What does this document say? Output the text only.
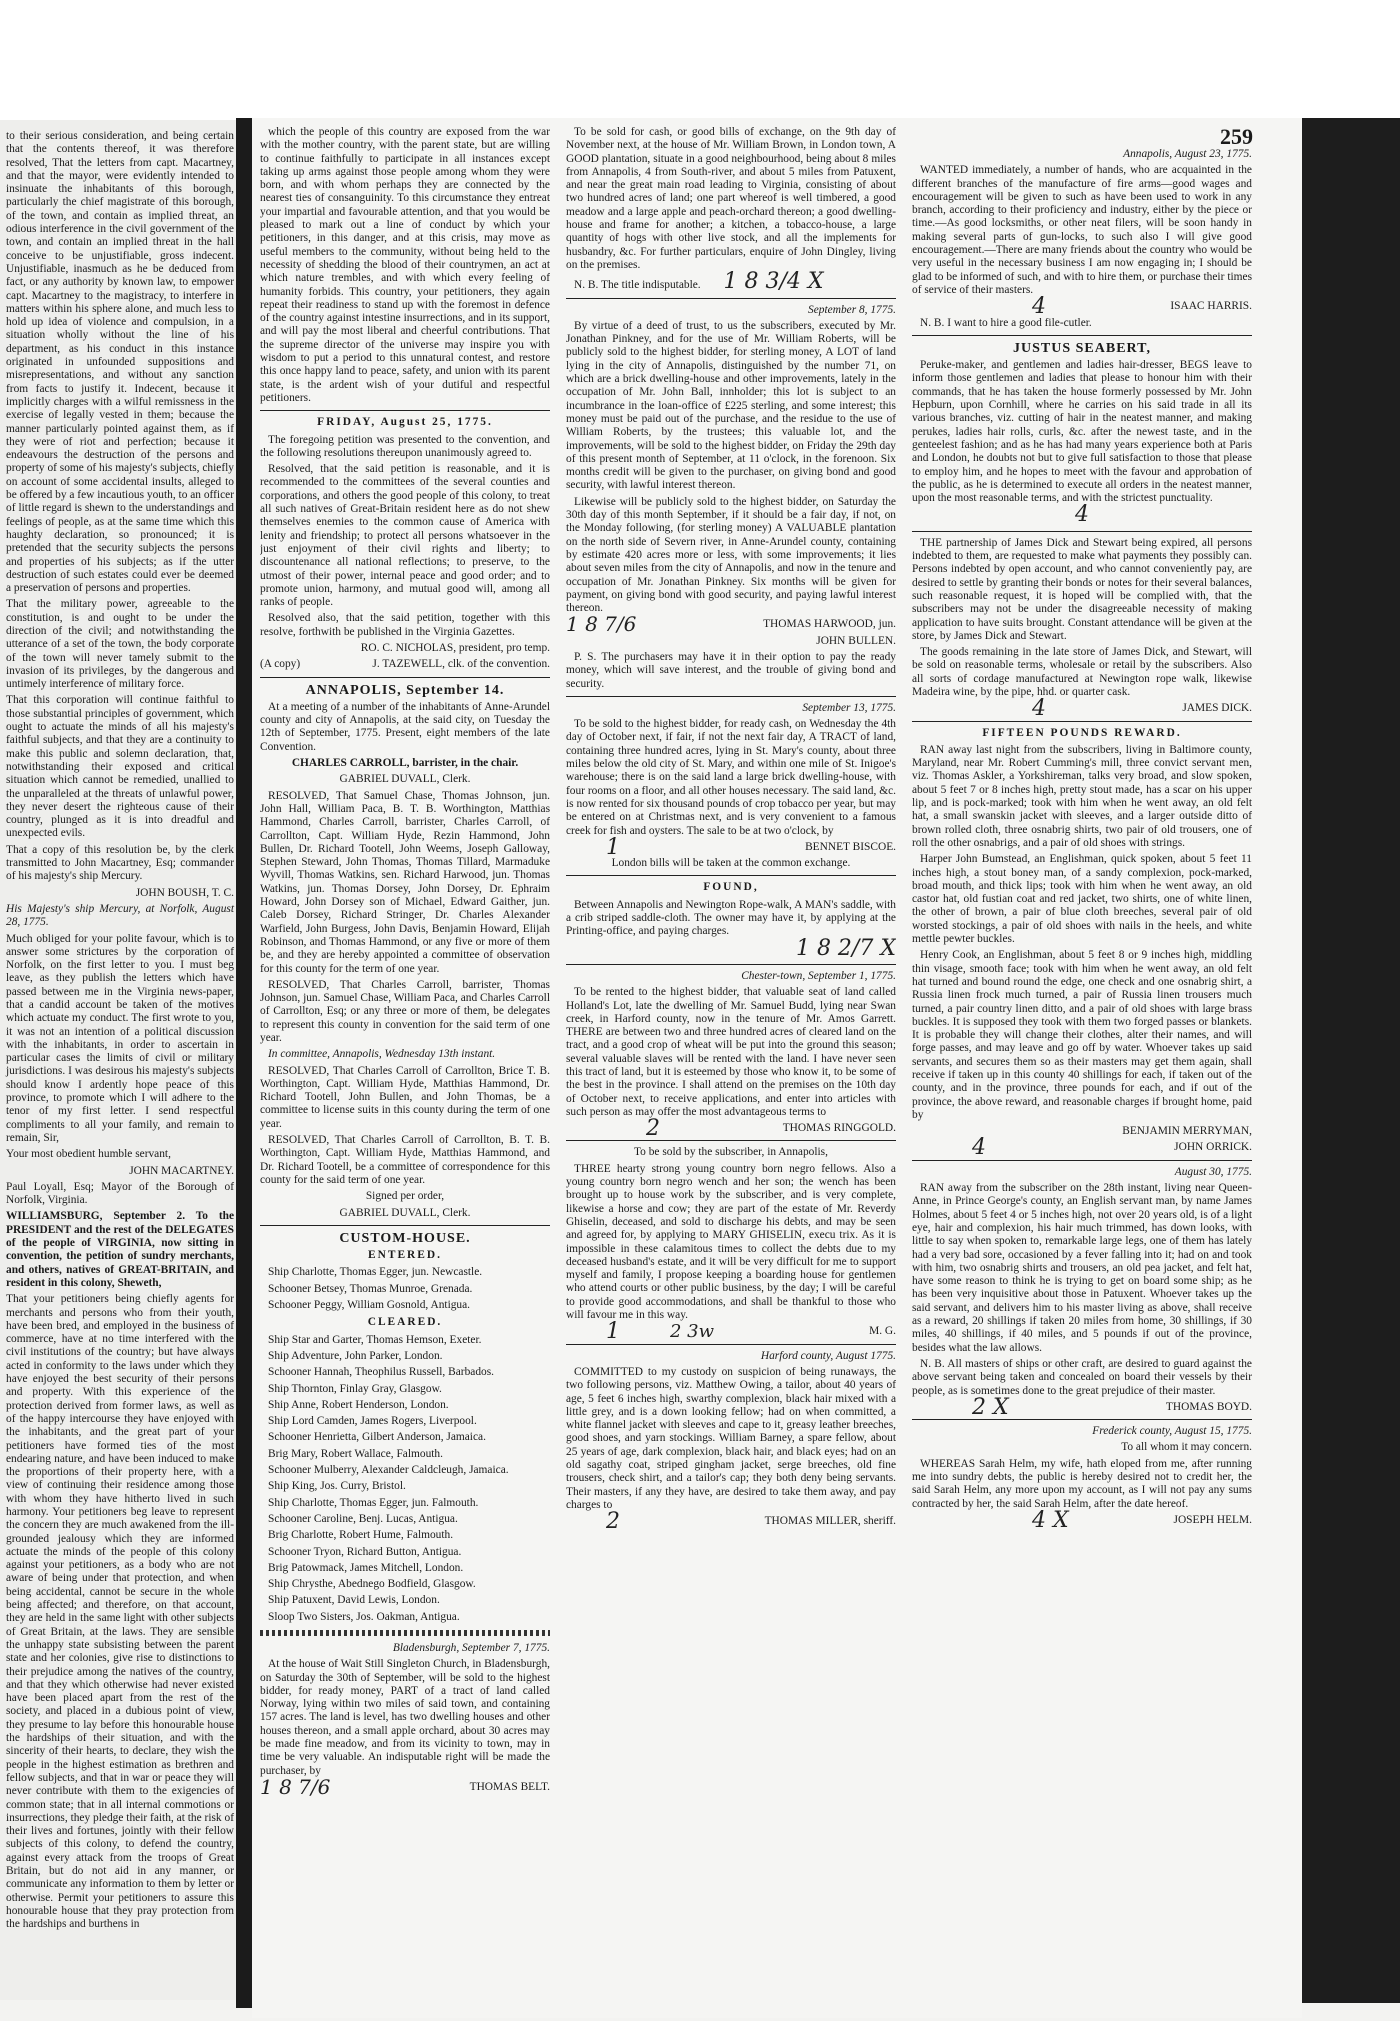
to their serious consideration, and being certain that the contents thereof, it was therefore resolved, That the letters from capt. Macartney, and that the mayor, were evidently intended to insinuate the inhabitants of this borough, particularly the chief magistrate of this borough, of the town, and contain as implied threat, an odious interference in the civil government of the town, and contain an implied threat in the hall conceive to be unjustifiable, gross indecent. Unjustifiable, inasmuch as he be deduced from fact, or any authority by known law, to empower capt. Macartney to the magistracy, to interfere in matters within his sphere alone, and much less to hold up idea of violence and compulsion, in a situation wholly without the line of his department, as his conduct in this instance originated in unfounded suppositions and misrepresentations, and without any sanction from facts to justify it. Indecent, because it implicitly charges with a wilful remissness in the exercise of legally vested in them; because the manner particularly pointed against them, as if they were of riot and perfection; because it endeavours the destruction of the persons and property of some of his majesty's subjects, chiefly on account of some accidental insults, alleged to be offered by a few incautious youth, to an officer of little regard is shewn to the understandings and feelings of people, as at the same time which this haughty declaration, so pronounced; it is pretended that the security subjects the persons and properties of his subjects; as if the utter destruction of such estates could ever be deemed a preservation of persons and properties.

That the military power, agreeable to the constitution, is and ought to be under the direction of the civil; and notwithstanding the utterance of a set of the town, the body corporate of the town will never tamely submit to the invasion of its privileges, by the dangerous and untimely interference of military force.

That this corporation will continue faithful to those substantial principles of government, which ought to actuate the minds of all his majesty's faithful subjects, and that they are a continuity to make this public and solemn declaration, that, notwithstanding their exposed and critical situation which cannot be remedied, unallied to the unparalleled at the threats of unlawful power, they never desert the righteous cause of their country, plunged as it is into dreadful and unexpected evils.

That a copy of this resolution be, by the clerk transmitted to John Macartney, Esq; commander of his majesty's ship Mercury.

JOHN BOUSH, T. C.

His Majesty's ship Mercury, at Norfolk, August 28, 1775.

Much obliged for your polite favour, which is to answer some strictures by the corporation of Norfolk, on the first letter to you. I must beg leave, as they publish the letters which have passed between me in the Virginia news-paper, that a candid account be taken of the motives which actuate my conduct. The first wrote to you, it was not an intention of a political discussion with the inhabitants, in order to ascertain in particular cases the limits of civil or military jurisdictions. I was desirous his majesty's subjects should know I ardently hope peace of this province, to promote which I will adhere to the tenor of my first letter. I send respectful compliments to all your family, and remain to remain, Sir,

Your most obedient humble servant,

JOHN MACARTNEY.

Paul Loyall, Esq; Mayor of the Borough of Norfolk, Virginia.

WILLIAMSBURG, September 2. To the PRESIDENT and the rest of the DELEGATES of the people of VIRGINIA, now sitting in convention, the petition of sundry merchants, and others, natives of GREAT-BRITAIN, and resident in this colony, Sheweth,

That your petitioners being chiefly agents for merchants and persons who from their youth, have been bred, and employed in the business of commerce, have at no time interfered with the civil institutions of the country; but have always acted in conformity to the laws under which they have enjoyed the best security of their persons and property. With this experience of the protection derived from former laws, as well as of the happy intercourse they have enjoyed with the inhabitants, and the great part of your petitioners have formed ties of the most endearing nature, and have been induced to make the proportions of their property here, with a view of continuing their residence among those with whom they have hitherto lived in such harmony. Your petitioners beg leave to represent the concern they are much awakened from the ill-grounded jealousy which they are informed actuate the minds of the people of this colony against your petitioners, as a body who are not aware of being under that protection, and when being accidental, cannot be secure in the whole being affected; and therefore, on that account, they are held in the same light with other subjects of Great Britain, at the laws. They are sensible the unhappy state subsisting between the parent state and her colonies, give rise to distinctions to their prejudice among the natives of the country, and that they which otherwise had never existed have been placed apart from the rest of the society, and placed in a dubious point of view, they presume to lay before this honourable house the hardships of their situation, and with the sincerity of their hearts, to declare, they wish the people in the highest estimation as brethren and fellow subjects, and that in war or peace they will never contribute with them to the exigencies of common state; that in all internal commotions or insurrections, they pledge their faith, at the risk of their lives and fortunes, jointly with their fellow subjects of this colony, to defend the country, against every attack from the troops of Great Britain, but do not aid in any manner, or communicate any information to them by letter or otherwise. Permit your petitioners to assure this honourable house that they pray protection from the hardships and burthens in

259

which the people of this country are exposed from the war with the mother country, with the parent state, but are willing to continue faithfully to participate in all instances except taking up arms against those people among whom they were born, and with whom perhaps they are connected by the nearest ties of consanguinity. To this circumstance they entreat your impartial and favourable attention, and that you would be pleased to mark out a line of conduct by which your petitioners, in this danger, and at this crisis, may move as useful members to the community, without being held to the necessity of shedding the blood of their countrymen, an act at which nature trembles, and with which every feeling of humanity forbids. This country, your petitioners, they again repeat their readiness to stand up with the foremost in defence of the country against intestine insurrections, and in its support, and will pay the most liberal and cheerful contributions. That the supreme director of the universe may inspire you with wisdom to put a period to this unnatural contest, and restore this once happy land to peace, safety, and union with its parent state, is the ardent wish of your dutiful and respectful petitioners.

FRIDAY, August 25, 1775.

The foregoing petition was presented to the convention, and the following resolutions thereupon unanimously agreed to.

Resolved, that the said petition is reasonable, and it is recommended to the committees of the several counties and corporations, and others the good people of this colony, to treat all such natives of Great-Britain resident here as do not shew themselves enemies to the common cause of America with lenity and friendship; to protect all persons whatsoever in the just enjoyment of their civil rights and liberty; to discountenance all national reflections; to preserve, to the utmost of their power, internal peace and good order; and to promote union, harmony, and mutual good will, among all ranks of people.

Resolved also, that the said petition, together with this resolve, forthwith be published in the Virginia Gazettes.

RO. C. NICHOLAS, president, pro temp.

(A copy)	J. TAZEWELL, clk. of the convention.

ANNAPOLIS, September 14.

At a meeting of a number of the inhabitants of Anne-Arundel county and city of Annapolis, at the said city, on Tuesday the 12th of September, 1775. Present, eight members of the late Convention.

CHARLES CARROLL, barrister, in the chair.

GABRIEL DUVALL, Clerk.

RESOLVED, That Samuel Chase, Thomas Johnson, jun. John Hall, William Paca, B. T. B. Worthington, Matthias Hammond, Charles Carroll, barrister, Charles Carroll, of Carrollton, Capt. William Hyde, Rezin Hammond, John Bullen, Dr. Richard Tootell, John Weems, Joseph Galloway, Stephen Steward, John Thomas, Thomas Tillard, Marmaduke Wyvill, Thomas Watkins, sen. Richard Harwood, jun. Thomas Watkins, jun. Thomas Dorsey, John Dorsey, Dr. Ephraim Howard, John Dorsey son of Michael, Edward Gaither, jun. Caleb Dorsey, Richard Stringer, Dr. Charles Alexander Warfield, John Burgess, John Davis, Benjamin Howard, Elijah Robinson, and Thomas Hammond, or any five or more of them be, and they are hereby appointed a committee of observation for this county for the term of one year.

RESOLVED, That Charles Carroll, barrister, Thomas Johnson, jun. Samuel Chase, William Paca, and Charles Carroll of Carrollton, Esq; or any three or more of them, be delegates to represent this county in convention for the said term of one year.

In committee, Annapolis, Wednesday 13th instant.

RESOLVED, That Charles Carroll of Carrollton, Brice T. B. Worthington, Capt. William Hyde, Matthias Hammond, Dr. Richard Tootell, John Bullen, and John Thomas, be a committee to license suits in this county during the term of one year.

RESOLVED, That Charles Carroll of Carrollton, B. T. B. Worthington, Capt. William Hyde, Matthias Hammond, and Dr. Richard Tootell, be a committee of correspondence for this county for the said term of one year.

Signed per order,

GABRIEL DUVALL, Clerk.

CUSTOM-HOUSE.

ENTERED.

Ship Charlotte, Thomas Egger, jun. Newcastle.

Schooner Betsey, Thomas Munroe, Grenada.

Schooner Peggy, William Gosnold, Antigua.

CLEARED.

Ship Star and Garter, Thomas Hemson, Exeter.

Ship Adventure, John Parker, London.

Schooner Hannah, Theophilus Russell, Barbados.

Ship Thornton, Finlay Gray, Glasgow.

Ship Anne, Robert Henderson, London.

Ship Lord Camden, James Rogers, Liverpool.

Schooner Henrietta, Gilbert Anderson, Jamaica.

Brig Mary, Robert Wallace, Falmouth.

Schooner Mulberry, Alexander Caldcleugh, Jamaica.

Ship King, Jos. Curry, Bristol.

Ship Charlotte, Thomas Egger, jun. Falmouth.

Schooner Caroline, Benj. Lucas, Antigua.

Brig Charlotte, Robert Hume, Falmouth.

Schooner Tryon, Richard Button, Antigua.

Brig Patowmack, James Mitchell, London.

Ship Chrysthe, Abednego Bodfield, Glasgow.

Ship Patuxent, David Lewis, London.

Sloop Two Sisters, Jos. Oakman, Antigua.

Bladensburgh, September 7, 1775.

At the house of Wait Still Singleton Church, in Bladensburgh, on Saturday the 30th of September, will be sold to the highest bidder, for ready money, PART of a tract of land called Norway, lying within two miles of said town, and containing 157 acres. The land is level, has two dwelling houses and other houses thereon, and a small apple orchard, about 30 acres may be made fine meadow, and from its vicinity to town, may in time be very valuable. An indisputable right will be made the purchaser, by

1 8 7/6	THOMAS BELT.

To be sold for cash, or good bills of exchange, on the 9th day of November next, at the house of Mr. William Brown, in London town, A GOOD plantation, situate in a good neighbourhood, being about 8 miles from Annapolis, 4 from South-river, and about 5 miles from Patuxent, and near the great main road leading to Virginia, consisting of about two hundred acres of land; one part whereof is well timbered, a good meadow and a large apple and peach-orchard thereon; a good dwelling-house and frame for another; a kitchen, a tobacco-house, a large quantity of hogs with other live stock, and all the implements for husbandry, &c. For further particulars, enquire of John Dingley, living on the premises.

N. B. The title indisputable. 1 8 3/4 X

September 8, 1775.

By virtue of a deed of trust, to us the subscribers, executed by Mr. Jonathan Pinkney, and for the use of Mr. William Roberts, will be publicly sold to the highest bidder, for sterling money, A LOT of land lying in the city of Annapolis, distinguished by the number 71, on which are a brick dwelling-house and other improvements, lately in the occupation of Mr. John Ball, innholder; this lot is subject to an incumbrance in the loan-office of £225 sterling, and some interest; this money must be paid out of the purchase, and the residue to the use of William Roberts, by the trustees; this valuable lot, and the improvements, will be sold to the highest bidder, on Friday the 29th day of this present month of September, at 11 o'clock, in the forenoon. Six months credit will be given to the purchaser, on giving bond and good security, with lawful interest thereon.

Likewise will be publicly sold to the highest bidder, on Saturday the 30th day of this month September, if it should be a fair day, if not, on the Monday following, (for sterling money) A VALUABLE plantation on the north side of Severn river, in Anne-Arundel county, containing by estimate 420 acres more or less, with some improvements; it lies about seven miles from the city of Annapolis, and now in the tenure and occupation of Mr. Jonathan Pinkney. Six months will be given for payment, on giving bond with good security, and paying lawful interest thereon.

1 8 7/6	THOMAS HARWOOD, jun.

JOHN BULLEN.

P. S. The purchasers may have it in their option to pay the ready money, which will save interest, and the trouble of giving bond and security.

September 13, 1775.

To be sold to the highest bidder, for ready cash, on Wednesday the 4th day of October next, if fair, if not the next fair day, A TRACT of land, containing three hundred acres, lying in St. Mary's county, about three miles below the old city of St. Mary, and within one mile of St. Inigoe's warehouse; there is on the said land a large brick dwelling-house, with four rooms on a floor, and all other houses necessary. The said land, &c. is now rented for six thousand pounds of crop tobacco per year, but may be entered on at Christmas next, and is very convenient to a famous creek for fish and oysters. The sale to be at two o'clock, by

1	BENNET BISCOE.

London bills will be taken at the common exchange.

FOUND,

Between Annapolis and Newington Rope-walk, A MAN's saddle, with a crib striped saddle-cloth. The owner may have it, by applying at the Printing-office, and paying charges.

1 8 2/7 X

Chester-town, September 1, 1775.

To be rented to the highest bidder, that valuable seat of land called Holland's Lot, late the dwelling of Mr. Samuel Budd, lying near Swan creek, in Harford county, now in the tenure of Mr. Amos Garrett. THERE are between two and three hundred acres of cleared land on the tract, and a good crop of wheat will be put into the ground this season; several valuable slaves will be rented with the land. I have never seen this tract of land, but it is esteemed by those who know it, to be some of the best in the province. I shall attend on the premises on the 10th day of October next, to receive applications, and enter into articles with such person as may offer the most advantageous terms to

2	THOMAS RINGGOLD.

To be sold by the subscriber, in Annapolis,

THREE hearty strong young country born negro fellows. Also a young country born negro wench and her son; the wench has been brought up to house work by the subscriber, and is very complete, likewise a horse and cow; they are part of the estate of Mr. Reverdy Ghiselin, deceased, and sold to discharge his debts, and may be seen and agreed for, by applying to MARY GHISELIN, execu trix. As it is impossible in these calamitous times to collect the debts due to my deceased husband's estate, and it will be very difficult for me to support myself and family, I propose keeping a boarding house for gentlemen who attend courts or other public business, by the day; I will be careful to provide good accommodations, and shall be thankful to those who will favour me in this way.

1	2 3w	M. G.

Harford county, August 1775.

COMMITTED to my custody on suspicion of being runaways, the two following persons, viz. Matthew Owing, a tailor, about 40 years of age, 5 feet 6 inches high, swarthy complexion, black hair mixed with a little grey, and is a down looking fellow; had on when committed, a white flannel jacket with sleeves and cape to it, greasy leather breeches, good shoes, and yarn stockings. William Barney, a spare fellow, about 25 years of age, dark complexion, black hair, and black eyes; had on an old sagathy coat, striped gingham jacket, serge breeches, old fine trousers, check shirt, and a tailor's cap; they both deny being servants. Their masters, if any they have, are desired to take them away, and pay charges to

2	THOMAS MILLER, sheriff.

Annapolis, August 23, 1775.

WANTED immediately, a number of hands, who are acquainted in the different branches of the manufacture of fire arms—good wages and encouragement will be given to such as have been used to work in any branch, according to their proficiency and industry, either by the piece or time.—As good locksmiths, or other neat filers, will be soon handy in making several parts of gun-locks, to such also I will give good encouragement.—There are many friends about the country who would be very useful in the necessary business I am now engaging in; I should be glad to be informed of such, and with to hire them, or purchase their times of service of their masters.

4	ISAAC HARRIS.

N. B. I want to hire a good file-cutler.

JUSTUS SEABERT,

Peruke-maker, and gentlemen and ladies hair-dresser, BEGS leave to inform those gentlemen and ladies that please to honour him with their commands, that he has taken the house formerly possessed by Mr. John Hepburn, upon Cornhill, where he carries on his said trade in all its various branches, viz. cutting of hair in the neatest manner, and making perukes, ladies hair rolls, curls, &c. after the newest taste, and in the genteelest fashion; and as he has had many years experience both at Paris and London, he doubts not but to give full satisfaction to those that please to employ him, and he hopes to meet with the favour and approbation of the public, as he is determined to execute all orders in the neatest manner, upon the most reasonable terms, and with the strictest punctuality.

4

THE partnership of James Dick and Stewart being expired, all persons indebted to them, are requested to make what payments they possibly can. Persons indebted by open account, and who cannot conveniently pay, are desired to settle by granting their bonds or notes for their several balances, such reasonable request, it is hoped will be complied with, that the subscribers may not be under the disagreeable necessity of making application to have suits brought. Constant attendance will be given at the store, by James Dick and Stewart.

The goods remaining in the late store of James Dick, and Stewart, will be sold on reasonable terms, wholesale or retail by the subscribers. Also all sorts of cordage manufactured at Newington rope walk, likewise Madeira wine, by the pipe, hhd. or quarter cask.

4	JAMES DICK.

FIFTEEN POUNDS REWARD.

RAN away last night from the subscribers, living in Baltimore county, Maryland, near Mr. Robert Cumming's mill, three convict servant men, viz. Thomas Askler, a Yorkshireman, talks very broad, and slow spoken, about 5 feet 7 or 8 inches high, pretty stout made, has a scar on his upper lip, and is pock-marked; took with him when he went away, an old felt hat, a small swanskin jacket with sleeves, and a larger outside ditto of brown rolled cloth, three osnabrig shirts, two pair of old trousers, one of roll the other osnabrigs, and a pair of old shoes with strings.

Harper John Bumstead, an Englishman, quick spoken, about 5 feet 11 inches high, a stout boney man, of a sandy complexion, pock-marked, broad mouth, and thick lips; took with him when he went away, an old castor hat, old fustian coat and red jacket, two shirts, one of white linen, the other of brown, a pair of blue cloth breeches, several pair of old worsted stockings, a pair of old shoes with nails in the heels, and white mettle pewter buckles.

Henry Cook, an Englishman, about 5 feet 8 or 9 inches high, middling thin visage, smooth face; took with him when he went away, an old felt hat turned and bound round the edge, one check and one osnabrig shirt, a Russia linen frock much turned, a pair of Russia linen trousers much turned, a pair country linen ditto, and a pair of old shoes with large brass buckles. It is supposed they took with them two forged passes or blankets. It is probable they will change their clothes, alter their names, and will forge passes, and may leave and go off by water. Whoever takes up said servants, and secures them so as their masters may get them again, shall receive if taken up in this county 40 shillings for each, if taken out of the county, and in the province, three pounds for each, and if out of the province, the above reward, and reasonable charges if brought home, paid by

BENJAMIN MERRYMAN,

4	JOHN ORRICK.

August 30, 1775.

RAN away from the subscriber on the 28th instant, living near Queen-Anne, in Prince George's county, an English servant man, by name James Holmes, about 5 feet 4 or 5 inches high, not over 20 years old, is of a light eye, hair and complexion, his hair much trimmed, has down looks, with little to say when spoken to, remarkable large legs, one of them has lately had a very bad sore, occasioned by a fever falling into it; had on and took with him, two osnabrig shirts and trousers, an old pea jacket, and felt hat, have some reason to think he is trying to get on board some ship; as he has been very inquisitive about those in Patuxent. Whoever takes up the said servant, and delivers him to his master living as above, shall receive as a reward, 20 shillings if taken 20 miles from home, 30 shillings, if 30 miles, 40 shillings, if 40 miles, and 5 pounds if out of the province, besides what the law allows.

N. B. All masters of ships or other craft, are desired to guard against the above servant being taken and concealed on board their vessels by their people, as is sometimes done to the great prejudice of their master.

2 X	THOMAS BOYD.

Frederick county, August 15, 1775.

To all whom it may concern.

WHEREAS Sarah Helm, my wife, hath eloped from me, after running me into sundry debts, the public is hereby desired not to credit her, the said Sarah Helm, any more upon my account, as I will not pay any sums contracted by her, the said Sarah Helm, after the date hereof.

4 X	JOSEPH HELM.
